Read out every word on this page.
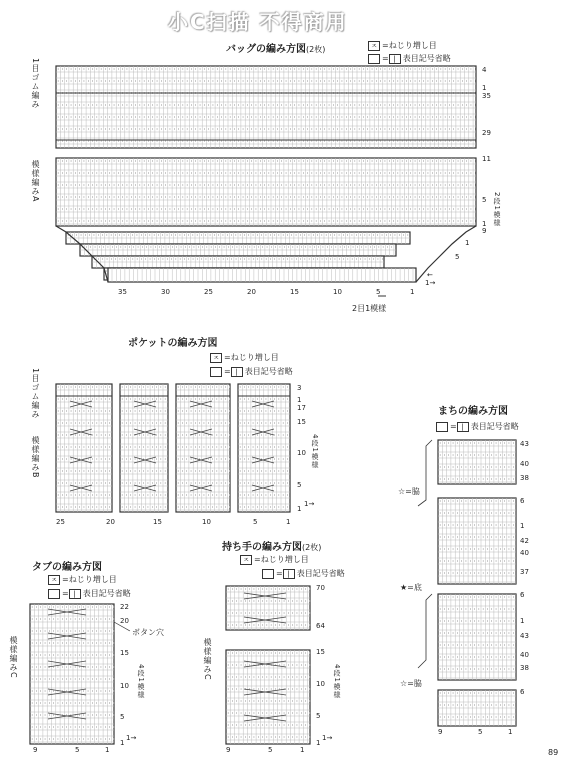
小C扫描 不得商用
バッグの編み方図(2枚)	ㅈ =ねじり増し目
= | 表目記号省略
1目ゴム編み
模様編みA
4
1
35
29
11
5
1
9
1
5
2段1模様
←
1→
35	30	25	20	15	10	5	1
2目1模様
ポケットの編み方図
ㅈ =ねじり増し目
= | 表目記号省略
1目ゴム編み
模様編みB
3
1
17
15
10
5
1
1→
4段1模様
25	20	15	10	5	1
タブの編み方図
ㅈ =ねじり増し目
= | 表目記号省略
模様編みC
ボタン穴
22
20
15
10
5
1
1→
4段1模様
9	5	1
持ち手の編み方図(2枚)
ㅈ =ねじり増し目
= | 表目記号省略
模様編みC
70
64
15
10
5
1
1→
4段1模様
9	5	1
まちの編み方図
= | 表目記号省略
☆=脇
★=底
☆=脇
43
40
38
6
1
42
40
37
6
1
43
40
38
6
9	5	1
89
